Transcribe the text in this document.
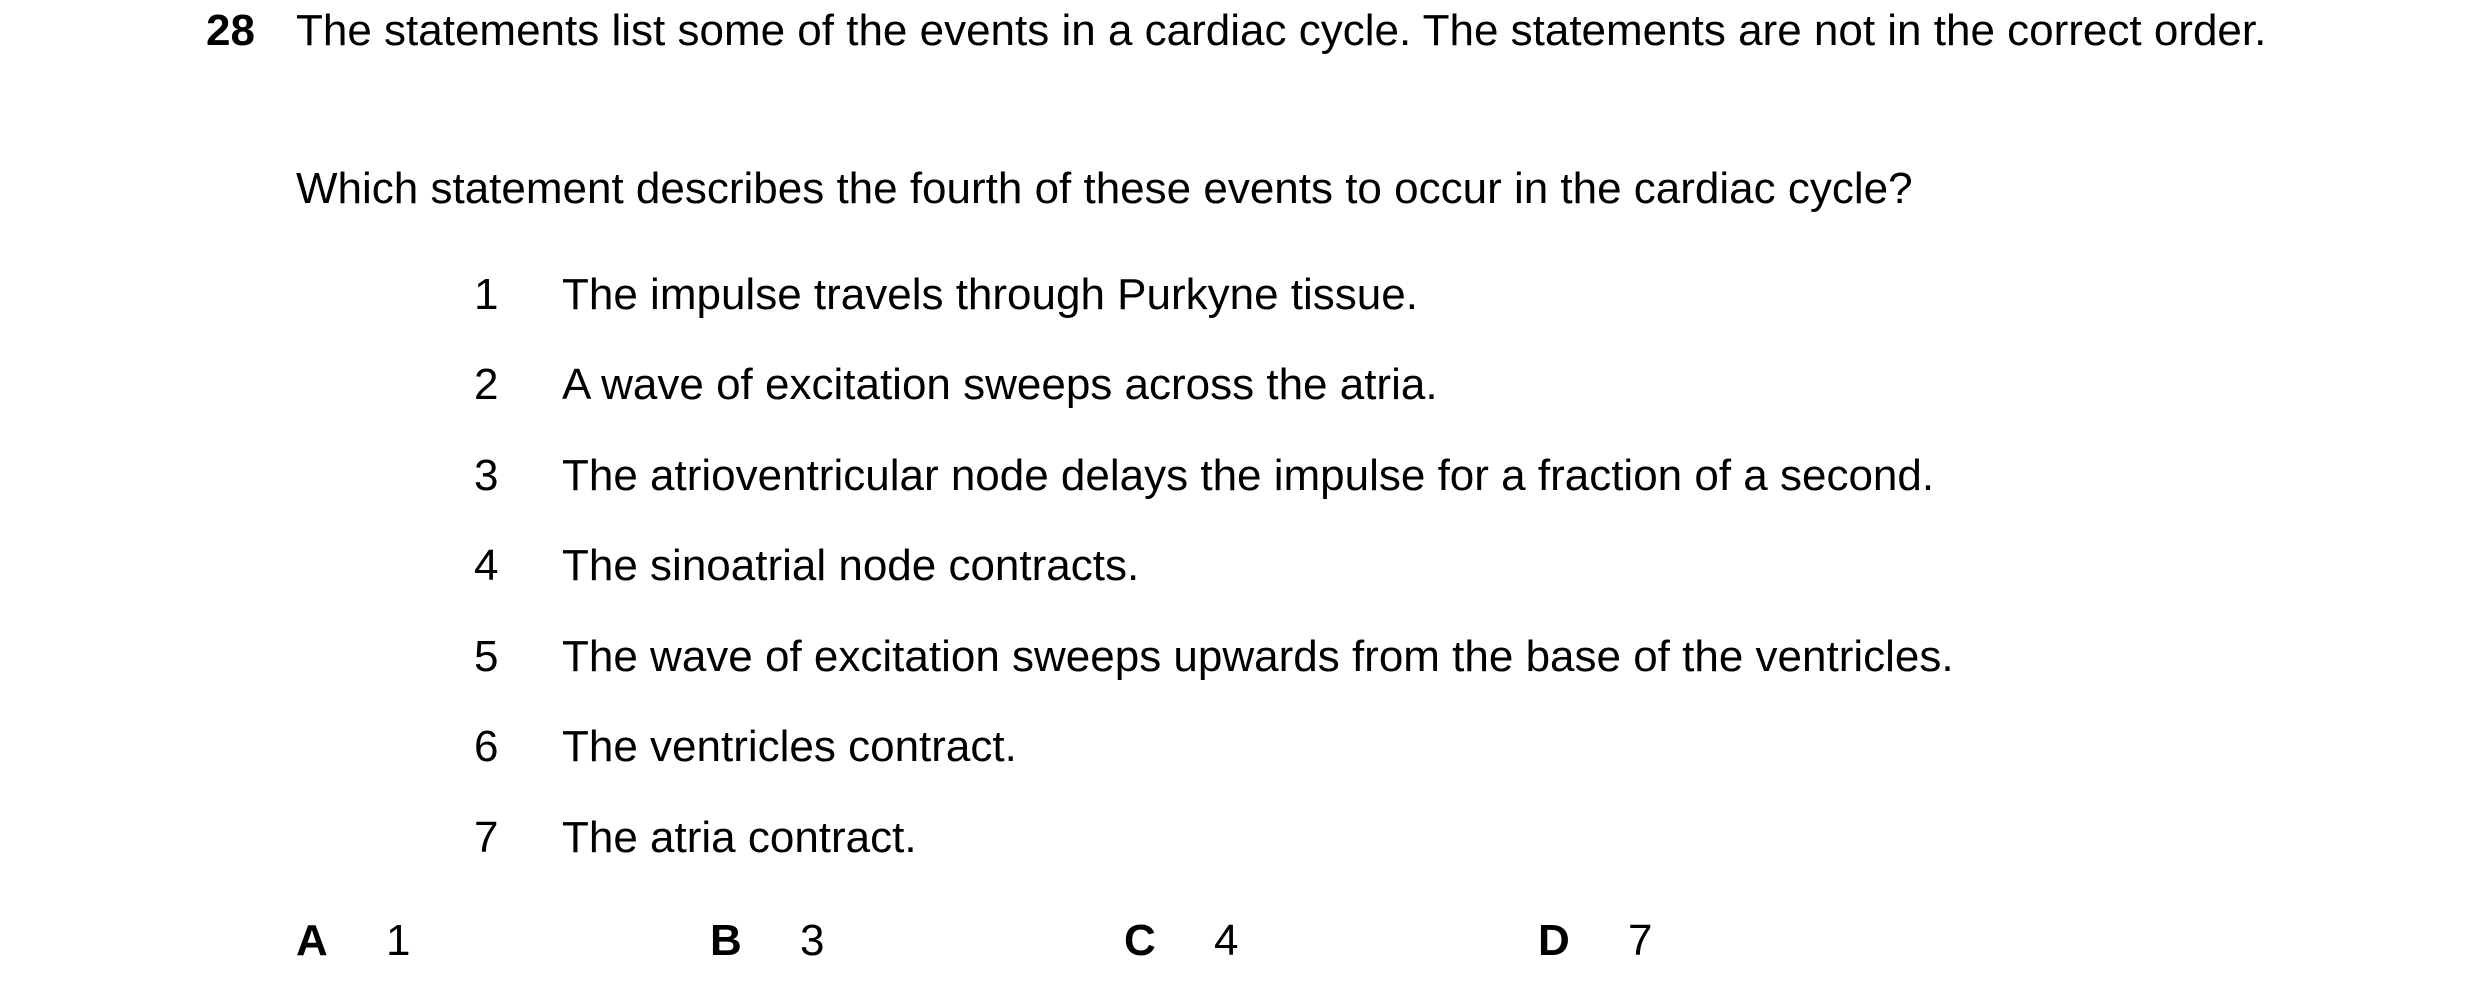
28 The statements list some of the events in a cardiac cycle. The statements are not in the correct order.

Which statement describes the fourth of these events to occur in the cardiac cycle?

1 The impulse travels through Purkyne tissue.
2 A wave of excitation sweeps across the atria.
3 The atrioventricular node delays the impulse for a fraction of a second.
4 The sinoatrial node contracts.
5 The wave of excitation sweeps upwards from the base of the ventricles.
6 The ventricles contract.
7 The atria contract.
A 1	B 3	C 4	D 7
